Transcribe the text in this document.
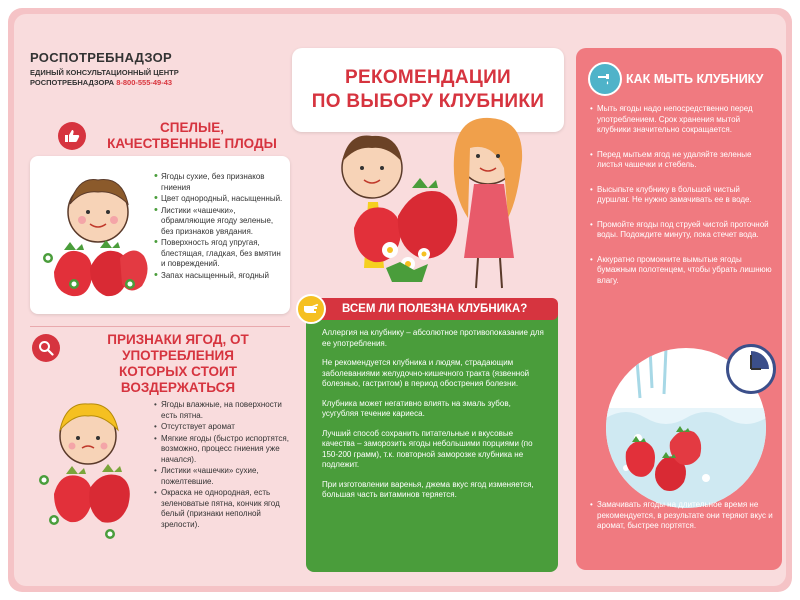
РОСПОТРЕБНАДЗОР
ЕДИНЫЙ КОНСУЛЬТАЦИОННЫЙ ЦЕНТР
РОСПОТРЕБНАДЗОРА 8-800-555-49-43
СПЕЛЫЕ,
КАЧЕСТВЕННЫЕ ПЛОДЫ
• Ягоды сухие, без признаков гниения
• Цвет однородный, насыщенный.
• Листики «чашечки», обрамляющие ягоду зеленые, без признаков увядания.
• Поверхность ягод упругая, блестящая, гладкая, без вмятин и повреждений.
• Запах насыщенный, ягодный
ПРИЗНАКИ ЯГОД, ОТ УПОТРЕБЛЕНИЯ
КОТОРЫХ СТОИТ ВОЗДЕРЖАТЬСЯ
• Ягоды влажные, на поверхности есть пятна.
• Отсутствует аромат
• Мягкие ягоды (быстро испортятся, возможно, процесс гниения уже начался).
• Листики «чашечки» сухие, пожелтевшие.
• Окраска не однородная, есть зеленоватые пятна, кончик ягод белый (признаки неполной зрелости).
РЕКОМЕНДАЦИИ
ПО ВЫБОРУ КЛУБНИКИ
Аллергия на клубнику – абсолютное противопоказание для ее употребления.
Не рекомендуется клубника и людям, страдающим заболеваниями желудочно-кишечного тракта (язвенной болезнью, гастритом) в период обострения болезни.
Клубника может негативно влиять на эмаль зубов, усугубляя течение кариеса.
Лучший способ сохранить питательные и вкусовые качества – заморозить ягоды небольшими порциями (по 150-200 грамм), т.к. повторной заморозке клубника не подлежит.
При изготовлении варенья, джема вкус ягод изменяется, большая часть витаминов теряется.
ВСЕМ ЛИ ПОЛЕЗНА КЛУБНИКА?
КАК МЫТЬ КЛУБНИКУ
• Мыть ягоды надо непосредственно перед употреблением. Срок хранения мытой клубники значительно сокращается.
• Перед мытьем ягод не удаляйте зеленые листья чашечки и стебель.
• Высыпьте клубнику в большой чистый дуршлаг. Не нужно замачивать ее в воде.
• Промойте ягоды под струей чистой проточной воды. Подождите минуту, пока стечет вода.
• Аккуратно промокните вымытые ягоды бумажным полотенцем, чтобы убрать лишнюю влагу.
• Замачивать ягоды на длительное время не рекомендуется, в результате они теряют вкус и аромат, быстрее портятся.
